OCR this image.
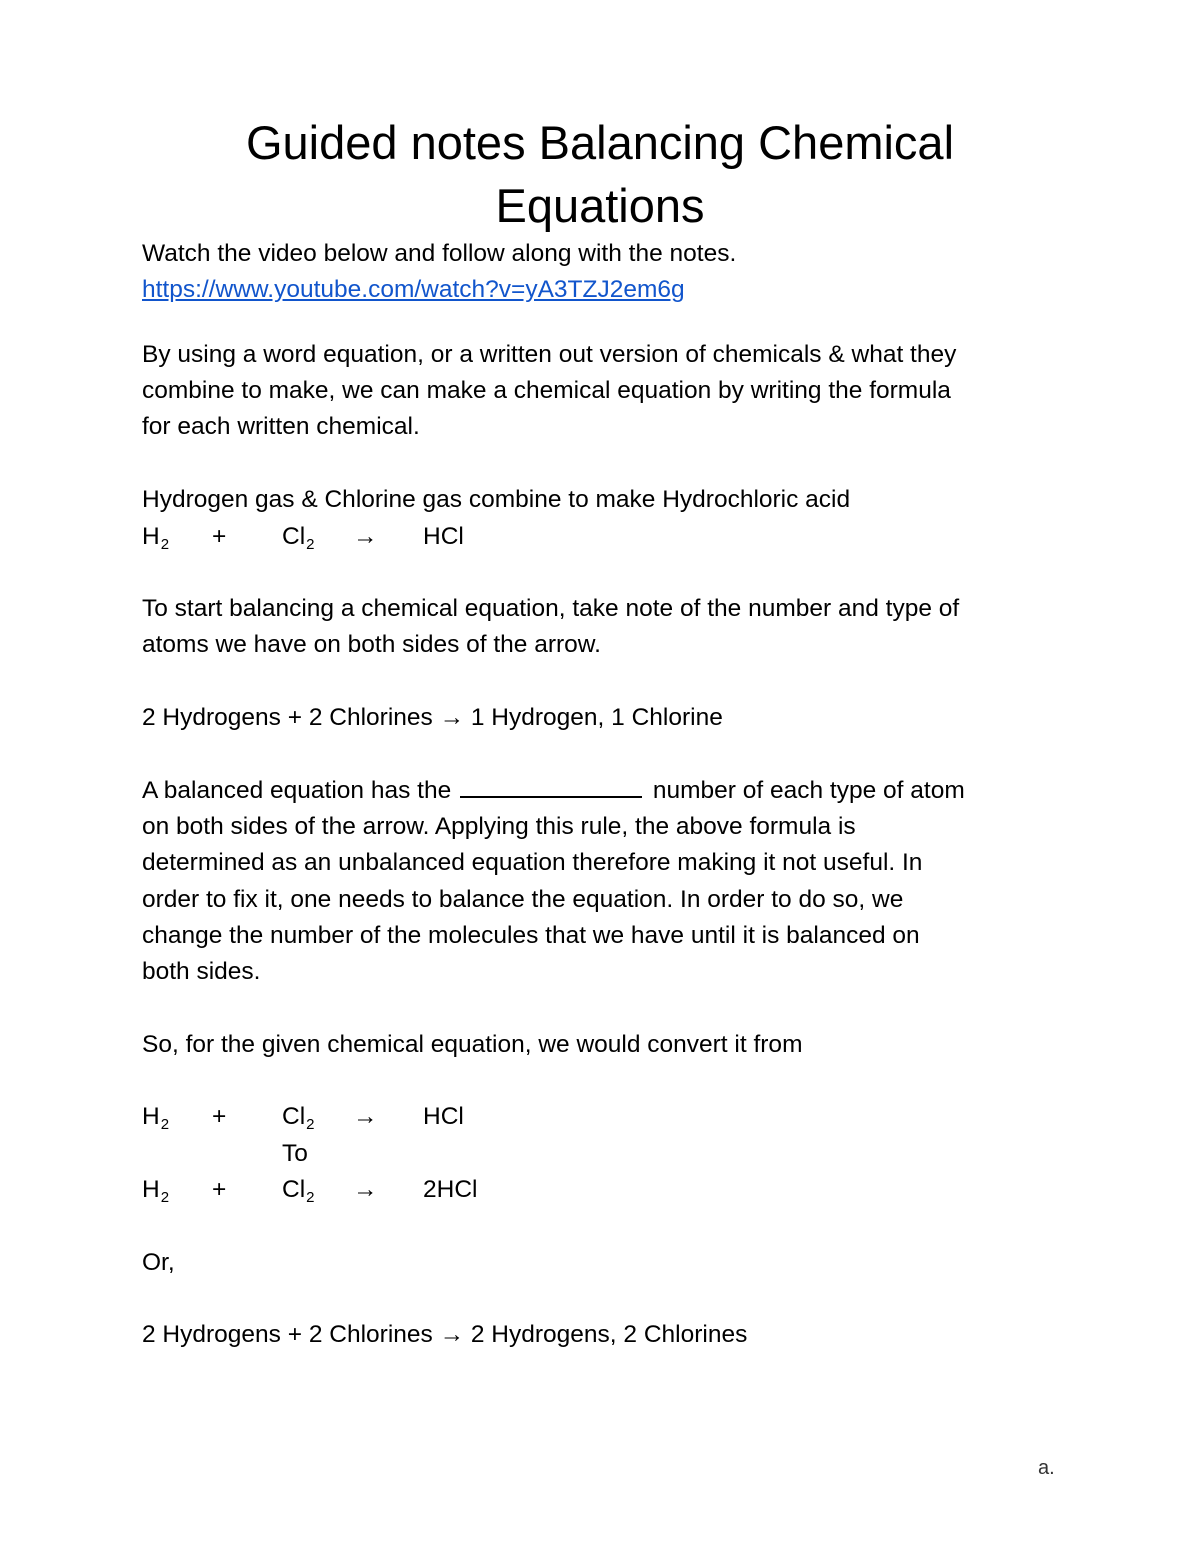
Guided notes Balancing Chemical
Equations

Watch the video below and follow along with the notes.

https://www.youtube.com/watch?v=yA3TZJ2em6g

By using a word equation, or a written out version of chemicals & what they

combine to make, we can make a chemical equation by writing the formula

for each written chemical.

Hydrogen gas & Chlorine gas combine to make Hydrochloric acid

$H_2 + Cl_2$ → HCl

To start balancing a chemical equation, take note of the number and type of

atoms we have on both sides of the arrow.

2 Hydrogens + 2 Chlorines → 1 Hydrogen, 1 Chlorine

A balanced equation has the	number of each type of atom

on both sides of the arrow. Applying this rule, the above formula is

determined as an unbalanced equation therefore making it not useful. In

order to fix it, one needs to balance the equation. In order to do so, we

change the number of the molecules that we have until it is balanced on

both sides.

So, for the given chemical equation, we would convert it from

$H_2 + Cl_2$ → HCl
To
$H_2 + Cl_2 \to 2HCl$

Or,

2 Hydrogens + 2 Chlorines → 2 Hydrogens, 2 Chlorines

a.
